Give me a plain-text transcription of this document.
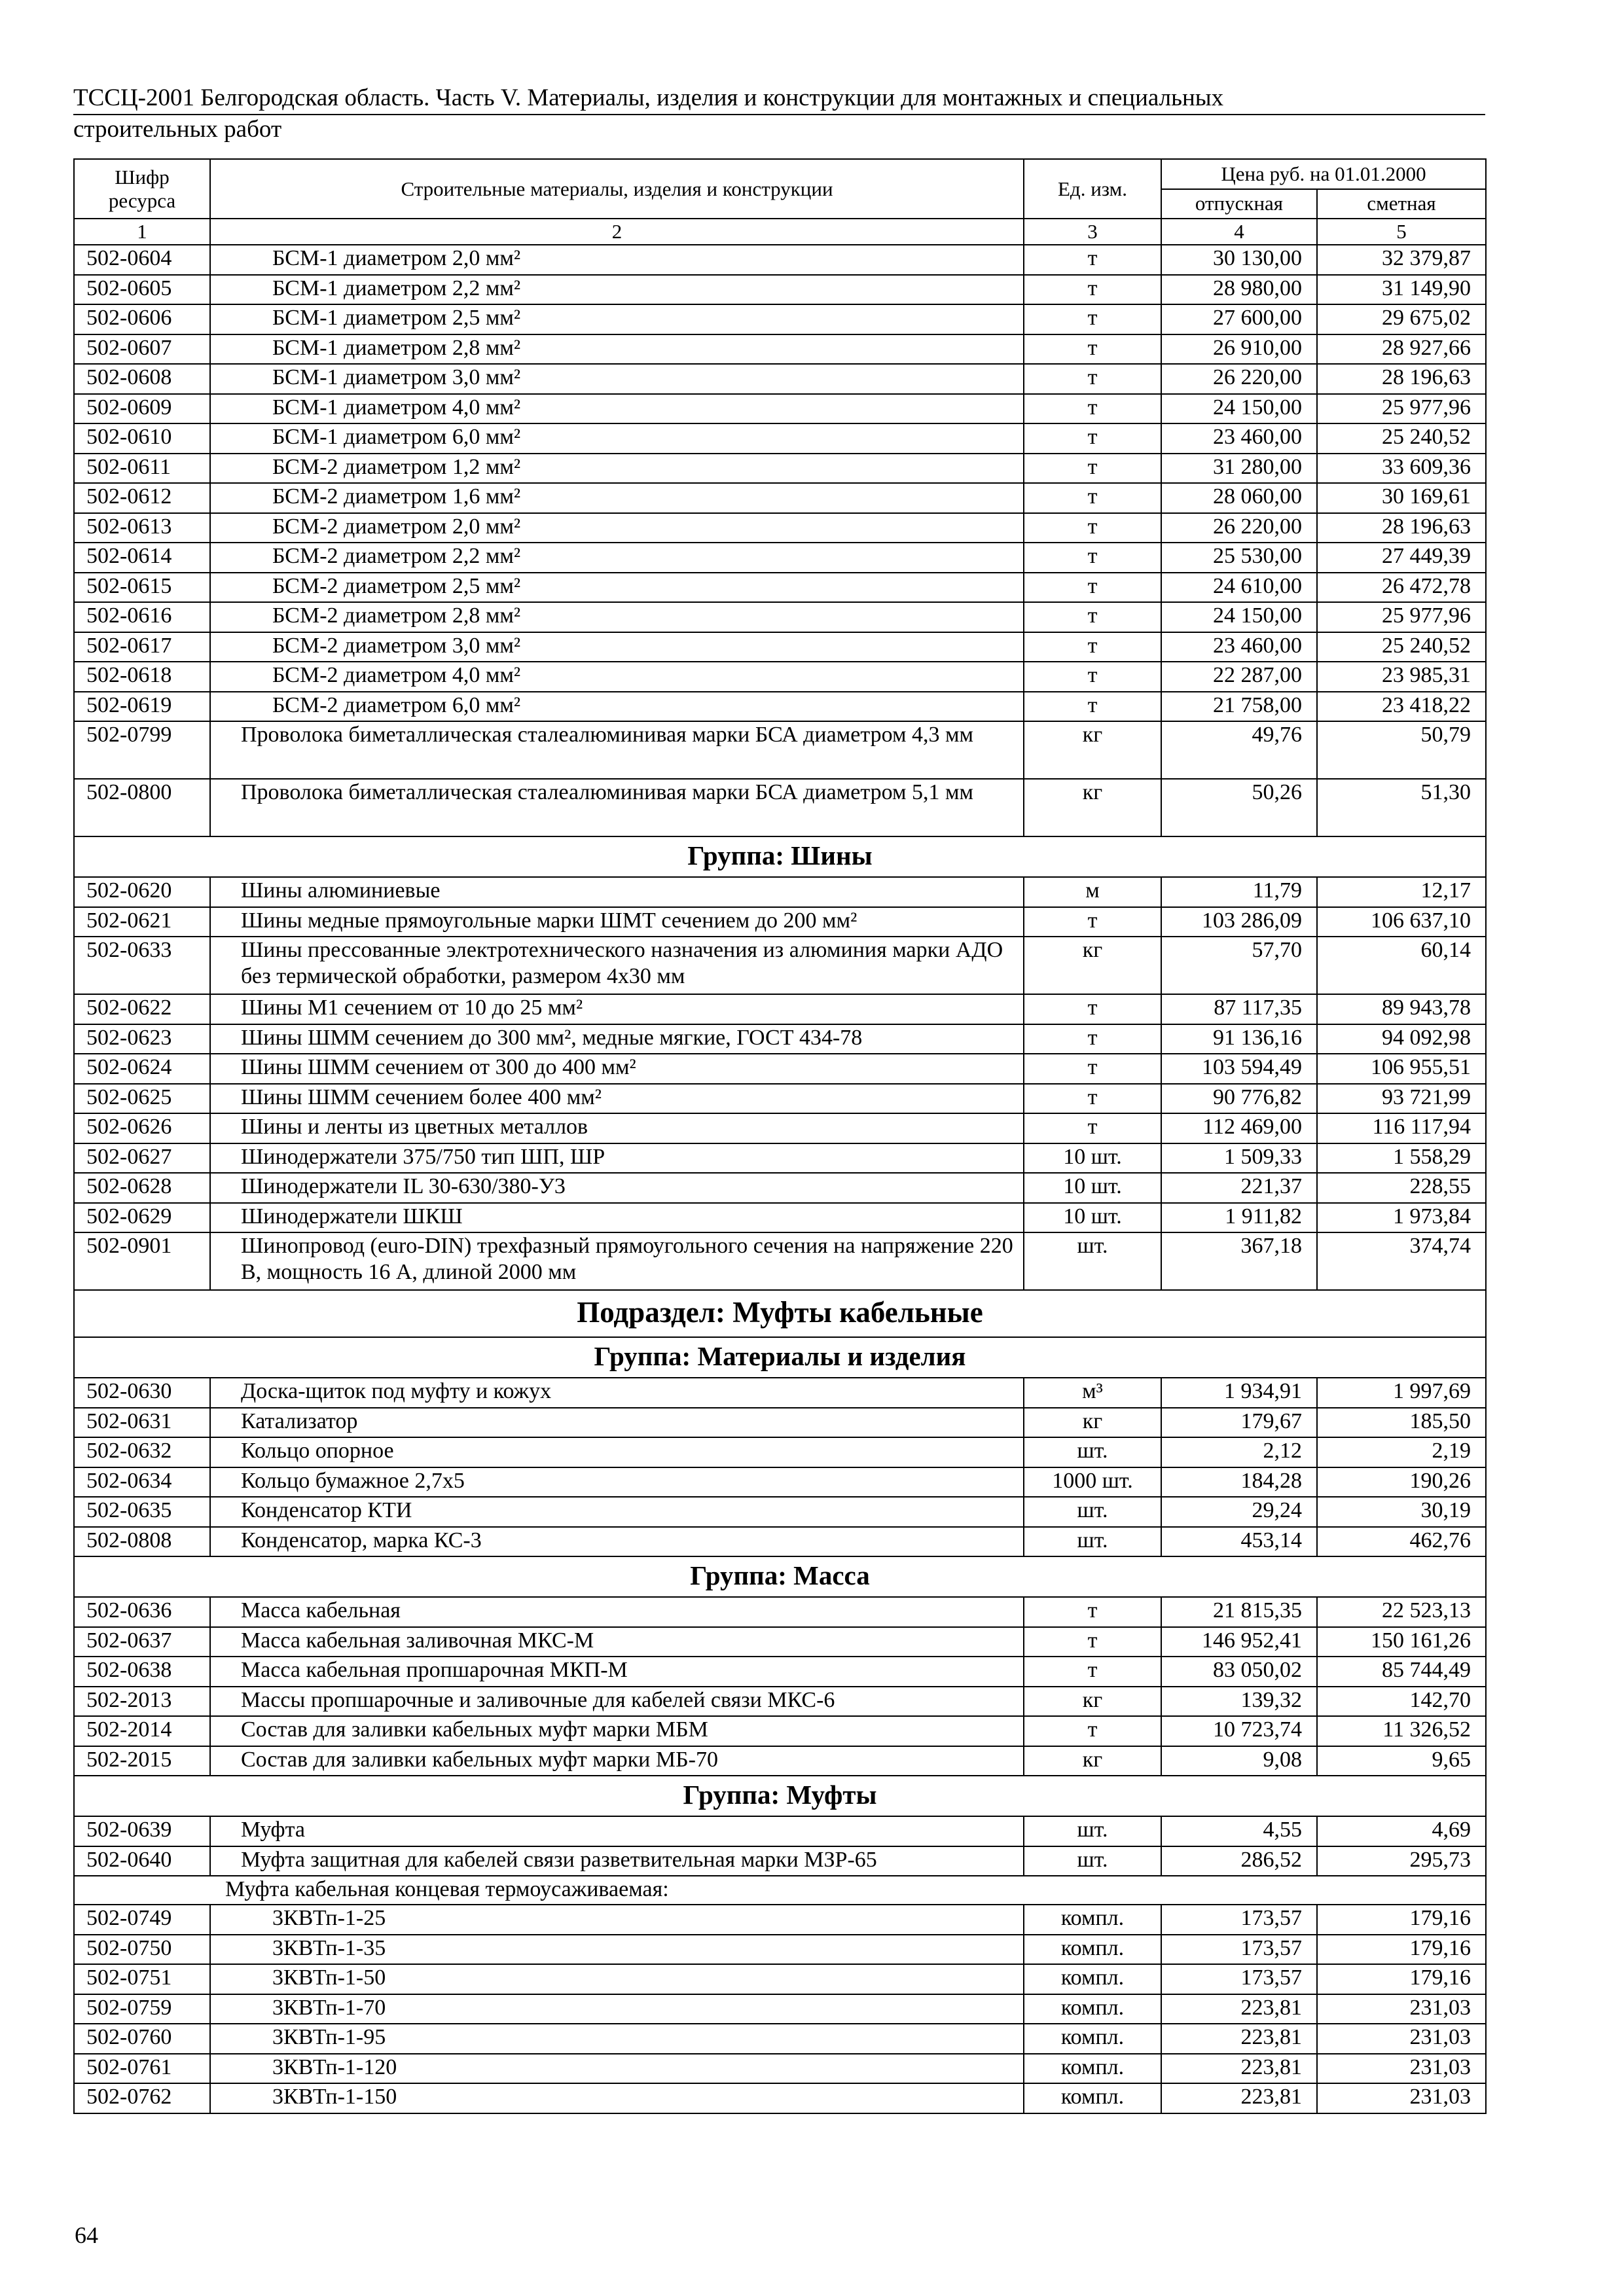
ТССЦ-2001 Белгородская область. Часть V. Материалы, изделия и конструкции для монтажных и специальных
строительных работ
Шифр ресурса	Строительные материалы, изделия и конструкции	Ед. изм.	Цена руб. на 01.01.2000	
			отпускная	сметная
1	2	3	4	5
502-0604	БСМ-1 диаметром 2,0 мм²	т	30 130,00	32 379,87
502-0605	БСМ-1 диаметром 2,2 мм²	т	28 980,00	31 149,90
502-0606	БСМ-1 диаметром 2,5 мм²	т	27 600,00	29 675,02
502-0607	БСМ-1 диаметром 2,8 мм²	т	26 910,00	28 927,66
502-0608	БСМ-1 диаметром 3,0 мм²	т	26 220,00	28 196,63
502-0609	БСМ-1 диаметром 4,0 мм²	т	24 150,00	25 977,96
502-0610	БСМ-1 диаметром 6,0 мм²	т	23 460,00	25 240,52
502-0611	БСМ-2 диаметром 1,2 мм²	т	31 280,00	33 609,36
502-0612	БСМ-2 диаметром 1,6 мм²	т	28 060,00	30 169,61
502-0613	БСМ-2 диаметром 2,0 мм²	т	26 220,00	28 196,63
502-0614	БСМ-2 диаметром 2,2 мм²	т	25 530,00	27 449,39
502-0615	БСМ-2 диаметром 2,5 мм²	т	24 610,00	26 472,78
502-0616	БСМ-2 диаметром 2,8 мм²	т	24 150,00	25 977,96
502-0617	БСМ-2 диаметром 3,0 мм²	т	23 460,00	25 240,52
502-0618	БСМ-2 диаметром 4,0 мм²	т	22 287,00	23 985,31
502-0619	БСМ-2 диаметром 6,0 мм²	т	21 758,00	23 418,22
502-0799	Проволока биметаллическая сталеалюминивая марки БСА диаметром 4,3 мм	кг	49,76	50,79
502-0800	Проволока биметаллическая сталеалюминивая марки БСА диаметром 5,1 мм	кг	50,26	51,30
Группа: Шины				
502-0620	Шины алюминиевые	м	11,79	12,17
502-0621	Шины медные прямоугольные марки ШМТ сечением до 200 мм²	т	103 286,09	106 637,10
502-0633	Шины прессованные электротехнического назначения из алюминия марки АДО без термической обработки, размером 4х30 мм	кг	57,70	60,14
502-0622	Шины М1 сечением от 10 до 25 мм²	т	87 117,35	89 943,78
502-0623	Шины ШММ сечением до 300 мм², медные мягкие, ГОСТ 434-78	т	91 136,16	94 092,98
502-0624	Шины ШММ сечением от 300 до 400 мм²	т	103 594,49	106 955,51
502-0625	Шины ШММ сечением более 400 мм²	т	90 776,82	93 721,99
502-0626	Шины и ленты из цветных металлов	т	112 469,00	116 117,94
502-0627	Шинодержатели 375/750 тип ШП, ШР	10 шт.	1 509,33	1 558,29
502-0628	Шинодержатели IL 30-630/380-У3	10 шт.	221,37	228,55
502-0629	Шинодержатели ШКШ	10 шт.	1 911,82	1 973,84
502-0901	Шинопровод (euro-DIN) трехфазный прямоугольного сечения на напряжение 220 В, мощность 16 А, длиной 2000 мм	шт.	367,18	374,74
Подраздел: Муфты кабельные				
Группа: Материалы и изделия				
502-0630	Доска-щиток под муфту и кожух	м³	1 934,91	1 997,69
502-0631	Катализатор	кг	179,67	185,50
502-0632	Кольцо опорное	шт.	2,12	2,19
502-0634	Кольцо бумажное 2,7х5	1000 шт.	184,28	190,26
502-0635	Конденсатор КТИ	шт.	29,24	30,19
502-0808	Конденсатор, марка КС-3	шт.	453,14	462,76
Группа: Масса				
502-0636	Масса кабельная	т	21 815,35	22 523,13
502-0637	Масса кабельная заливочная МКС-М	т	146 952,41	150 161,26
502-0638	Масса кабельная пропшарочная МКП-М	т	83 050,02	85 744,49
502-2013	Массы пропшарочные и заливочные для кабелей связи МКС-6	кг	139,32	142,70
502-2014	Состав для заливки кабельных муфт марки МБМ	т	10 723,74	11 326,52
502-2015	Состав для заливки кабельных муфт марки МБ-70	кг	9,08	9,65
Группа: Муфты				
502-0639	Муфта	шт.	4,55	4,69
502-0640	Муфта защитная для кабелей связи разветвительная марки МЗР-65	шт.	286,52	295,73
Муфта кабельная концевая термоусаживаемая:				
502-0749	3КВТп-1-25	компл.	173,57	179,16
502-0750	3КВТп-1-35	компл.	173,57	179,16
502-0751	3КВТп-1-50	компл.	173,57	179,16
502-0759	3КВТп-1-70	компл.	223,81	231,03
502-0760	3КВТп-1-95	компл.	223,81	231,03
502-0761	3КВТп-1-120	компл.	223,81	231,03
502-0762	3КВТп-1-150	компл.	223,81	231,03
64
